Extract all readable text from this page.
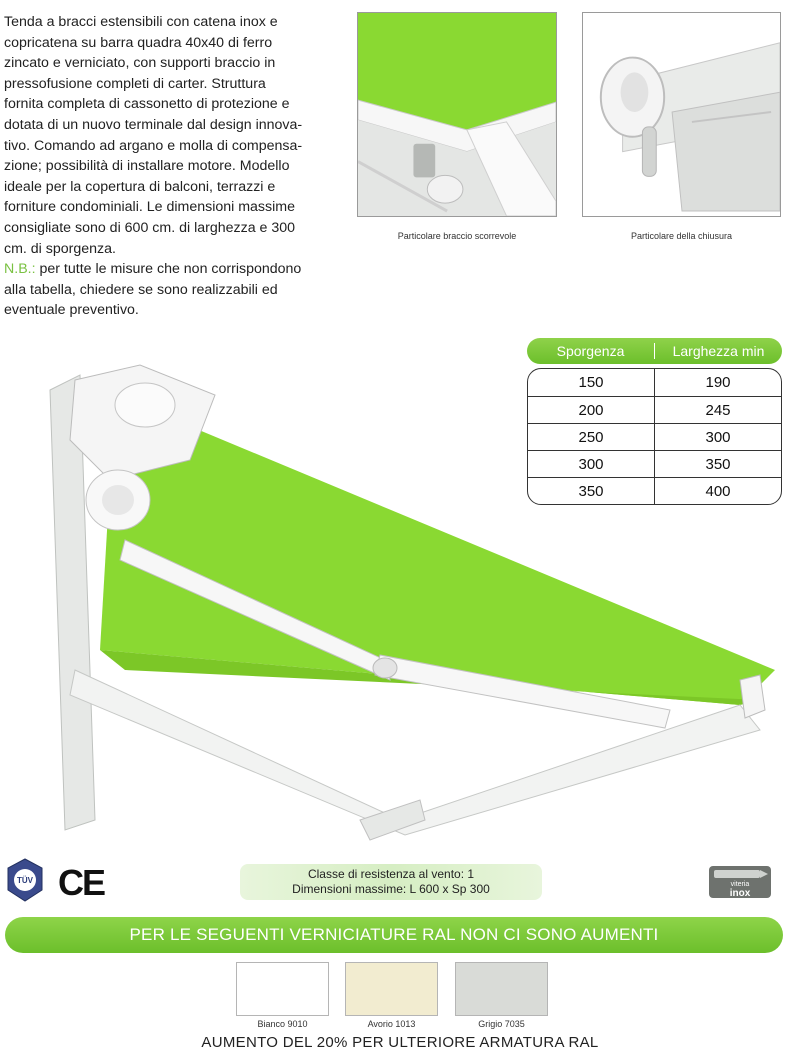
Tenda a bracci estensibili con catena inox e
copricatena su barra quadra 40x40 di ferro
zincato e verniciato, con supporti braccio in
pressofusione completi di carter. Struttura
fornita completa di cassonetto di protezione e
dotata di un nuovo terminale dal design innova-
tivo. Comando ad argano e molla di compensa-
zione; possibilità di installare motore. Modello
ideale per la copertura di balconi, terrazzi e
forniture condominiali. Le dimensioni massime
consigliate sono di 600 cm. di larghezza e 300
cm. di sporgenza.
N.B.: per tutte le misure che non corrispondono
alla tabella, chiedere se sono realizzabili ed
eventuale preventivo.
Particolare braccio scorrevole	Particolare della chiusura
Sporgenza	Larghezza min
150	190
200	245
250	300
300	350
350	400
TÜV CE	Classe di resistenza al vento: 1
Dimensioni massime: L 600 x Sp 300	viteria
inox
PER LE SEGUENTI VERNICIATURE RAL NON CI SONO AUMENTI
Bianco 9010	Avorio 1013	Grigio 7035
AUMENTO DEL 20% PER ULTERIORE ARMATURA RAL
